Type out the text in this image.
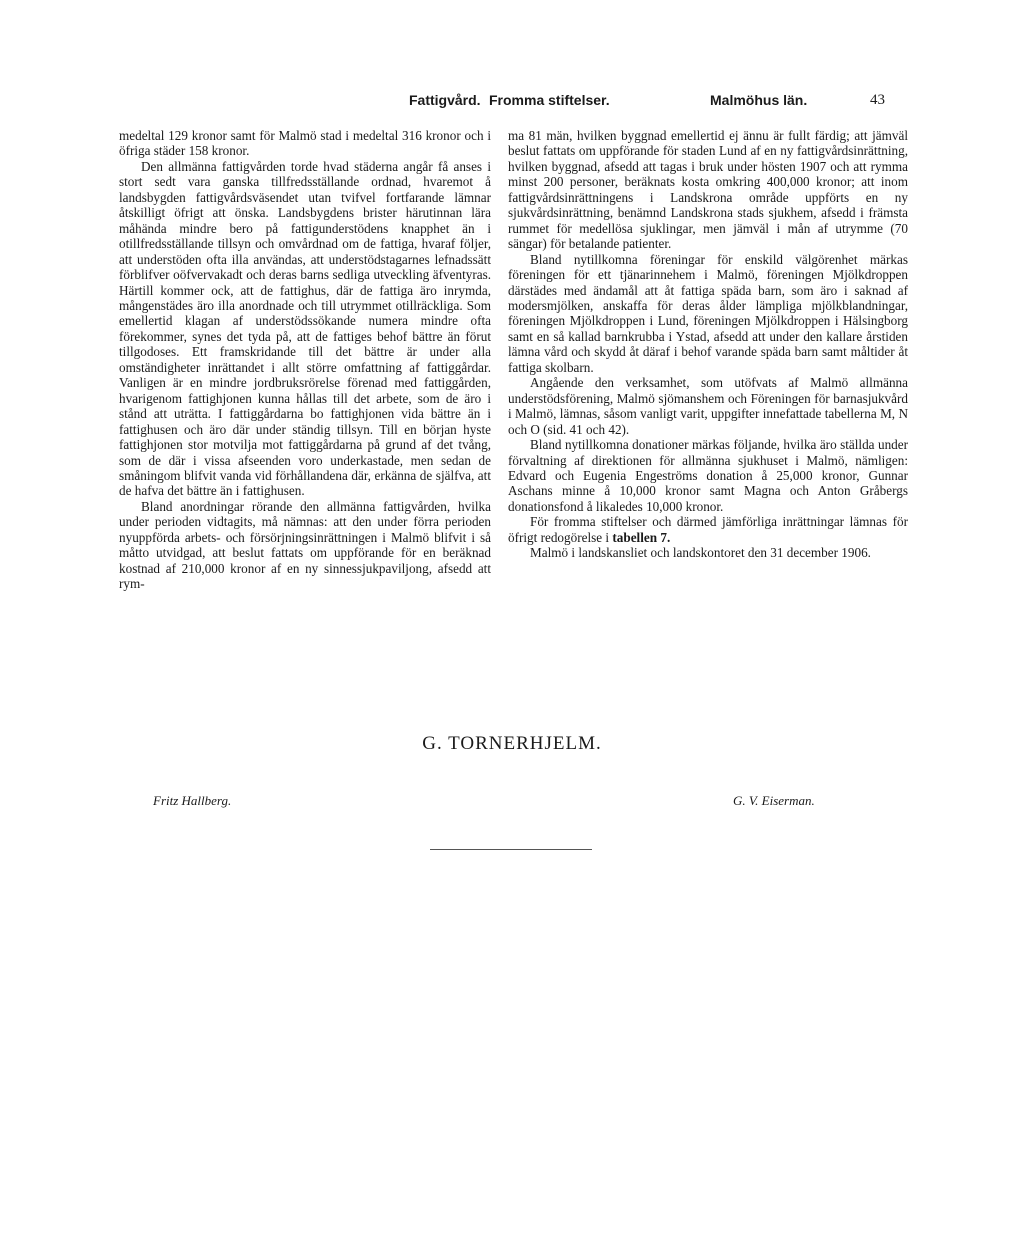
Fattigvård. Fromma stiftelser.	Malmöhus län.	43

medeltal 129 kronor samt för Malmö stad i medeltal 316 kronor och i öfriga städer 158 kronor.

Den allmänna fattigvården torde hvad städerna angår få anses i stort sedt vara ganska tillfredsställande ordnad, hvaremot å landsbygden fattigvårdsväsendet utan tvifvel fortfarande lämnar åtskilligt öfrigt att önska. Landsbygdens brister härutinnan lära måhända mindre bero på fattigunderstödens knapphet än i otillfredsställande tillsyn och omvårdnad om de fattiga, hvaraf följer, att understöden ofta illa användas, att understödstagarnes lefnadssätt förblifver oöfvervakadt och deras barns sedliga utveckling äfventyras. Härtill kommer ock, att de fattighus, där de fattiga äro inrymda, mångenstädes äro illa anordnade och till utrymmet otillräckliga. Som emellertid klagan af understödssökande numera mindre ofta förekommer, synes det tyda på, att de fattiges behof bättre än förut tillgodoses. Ett framskridande till det bättre är under alla omständigheter inrättandet i allt större omfattning af fattiggårdar. Vanligen är en mindre jordbruksrörelse förenad med fattiggården, hvarigenom fattighjonen kunna hållas till det arbete, som de äro i stånd att uträtta. I fattiggårdarna bo fattighjonen vida bättre än i fattighusen och äro där under ständig tillsyn. Till en början hyste fattighjonen stor motvilja mot fattiggårdarna på grund af det tvång, som de där i vissa afseenden voro underkastade, men sedan de småningom blifvit vanda vid förhållandena där, erkänna de själfva, att de hafva det bättre än i fattighusen.

Bland anordningar rörande den allmänna fattigvården, hvilka under perioden vidtagits, må nämnas: att den under förra perioden nyuppförda arbets- och försörjningsinrättningen i Malmö blifvit i så måtto utvidgad, att beslut fattats om uppförande för en beräknad kostnad af 210,000 kronor af en ny sinnessjukpaviljong, afsedd att rym-

ma 81 män, hvilken byggnad emellertid ej ännu är fullt färdig; att jämväl beslut fattats om uppförande för staden Lund af en ny fattigvårdsinrättning, hvilken byggnad, afsedd att tagas i bruk under hösten 1907 och att rymma minst 200 personer, beräknats kosta omkring 400,000 kronor; att inom fattigvårdsinrättningens i Landskrona område uppförts en ny sjukvårdsinrättning, benämnd Landskrona stads sjukhem, afsedd i främsta rummet för medellösa sjuklingar, men jämväl i mån af utrymme (70 sängar) för betalande patienter.

Bland nytillkomna föreningar för enskild välgörenhet märkas föreningen för ett tjänarinnehem i Malmö, föreningen Mjölkdroppen därstädes med ändamål att åt fattiga späda barn, som äro i saknad af modersmjölken, anskaffa för deras ålder lämpliga mjölkblandningar, föreningen Mjölkdroppen i Lund, föreningen Mjölkdroppen i Hälsingborg samt en så kallad barnkrubba i Ystad, afsedd att under den kallare årstiden lämna vård och skydd åt däraf i behof varande späda barn samt måltider åt fattiga skolbarn.

Angående den verksamhet, som utöfvats af Malmö allmänna understödsförening, Malmö sjömanshem och Föreningen för barnasjukvård i Malmö, lämnas, såsom vanligt varit, uppgifter innefattade tabellerna M, N och O (sid. 41 och 42).

Bland nytillkomna donationer märkas följande, hvilka äro ställda under förvaltning af direktionen för allmänna sjukhuset i Malmö, nämligen: Edvard och Eugenia Engeströms donation å 25,000 kronor, Gunnar Aschans minne å 10,000 kronor samt Magna och Anton Gråbergs donationsfond å likaledes 10,000 kronor.

För fromma stiftelser och därmed jämförliga inrättningar lämnas för öfrigt redogörelse i tabellen 7.

Malmö i landskansliet och landskontoret den 31 december 1906.

G. TORNERHJELM.
Fritz Hallberg.	G. V. Eiserman.
